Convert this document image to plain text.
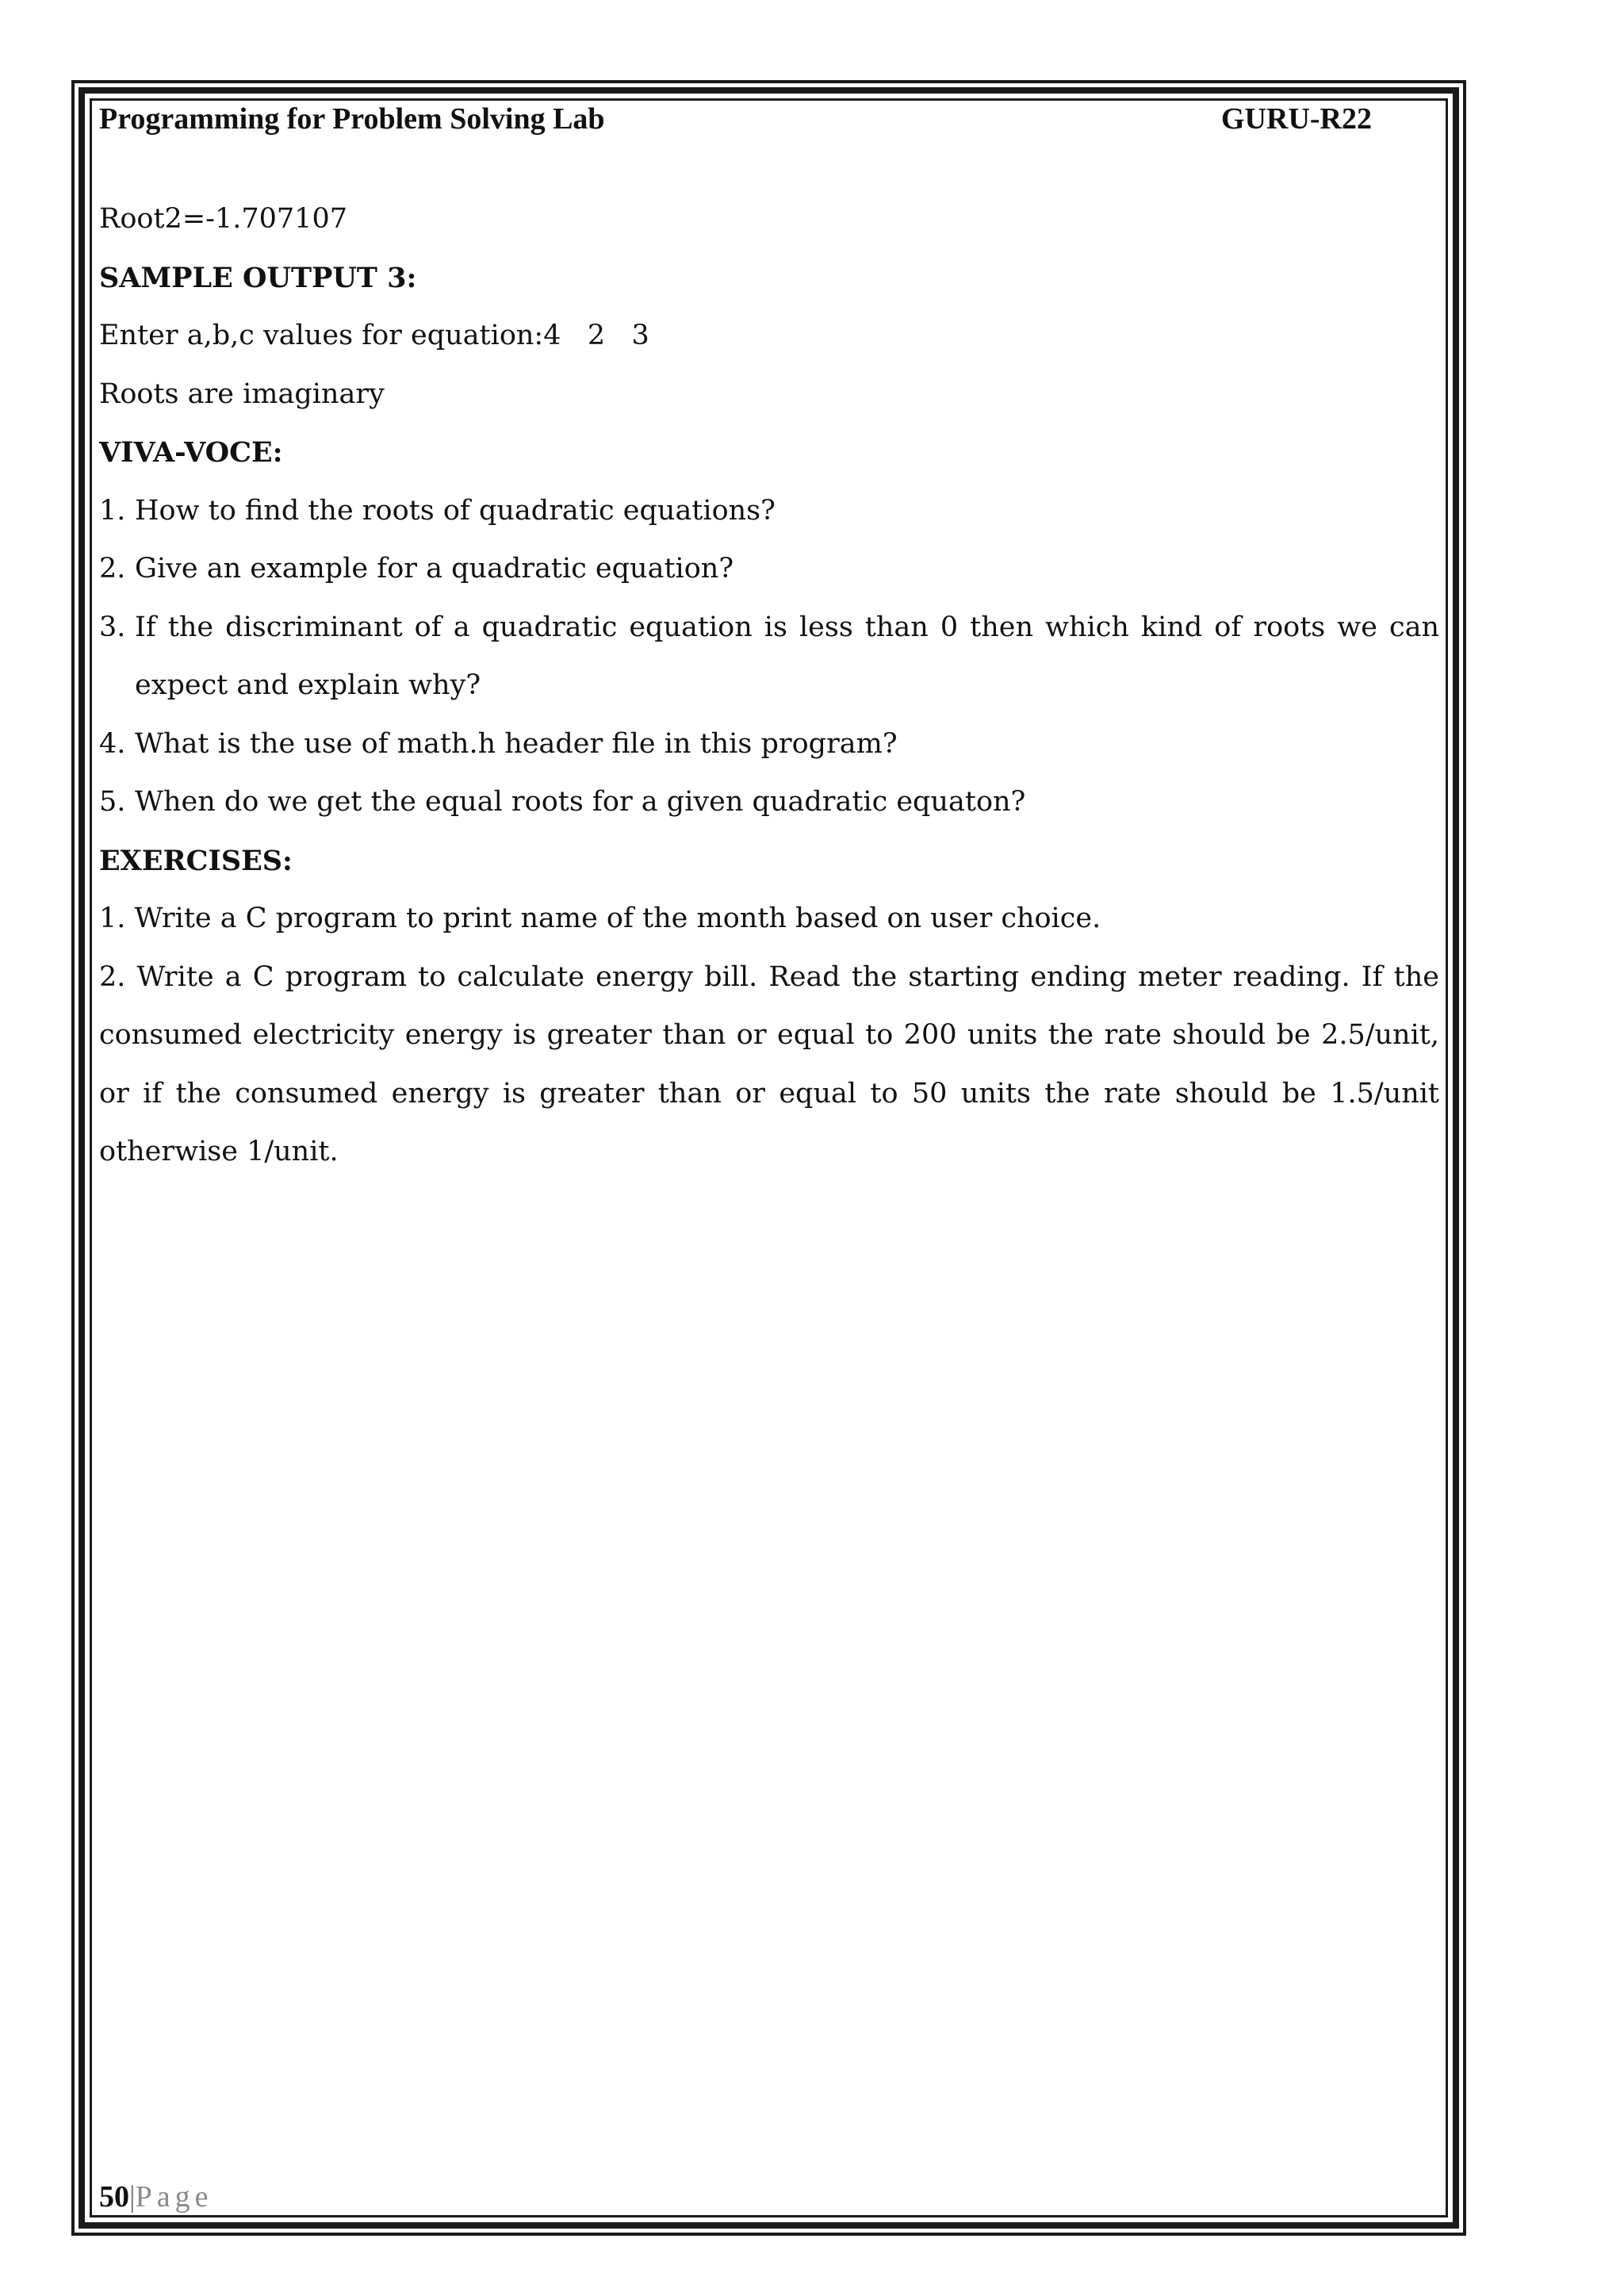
Programming for Problem Solving Lab	GURU-R22
Root2=-1.707107
SAMPLE OUTPUT 3:
Enter a,b,c values for equation:4   2   3
Roots are imaginary
VIVA-VOCE:
1. How to find the roots of quadratic equations?
2. Give an example for a quadratic equation?
3. If the discriminant of a quadratic equation is less than 0 then which kind of roots we can expect and explain why?
4. What is the use of math.h header file in this program?
5. When do we get the equal roots for a given quadratic equaton?
EXERCISES:
1. Write a C program to print name of the month based on user choice.
2. Write a C program to calculate energy bill. Read the starting ending meter reading. If the consumed electricity energy is greater than or equal to 200 units the rate should be 2.5/unit, or if the consumed energy is greater than or equal to 50 units the rate should be 1.5/unit otherwise 1/unit.
50|Page
